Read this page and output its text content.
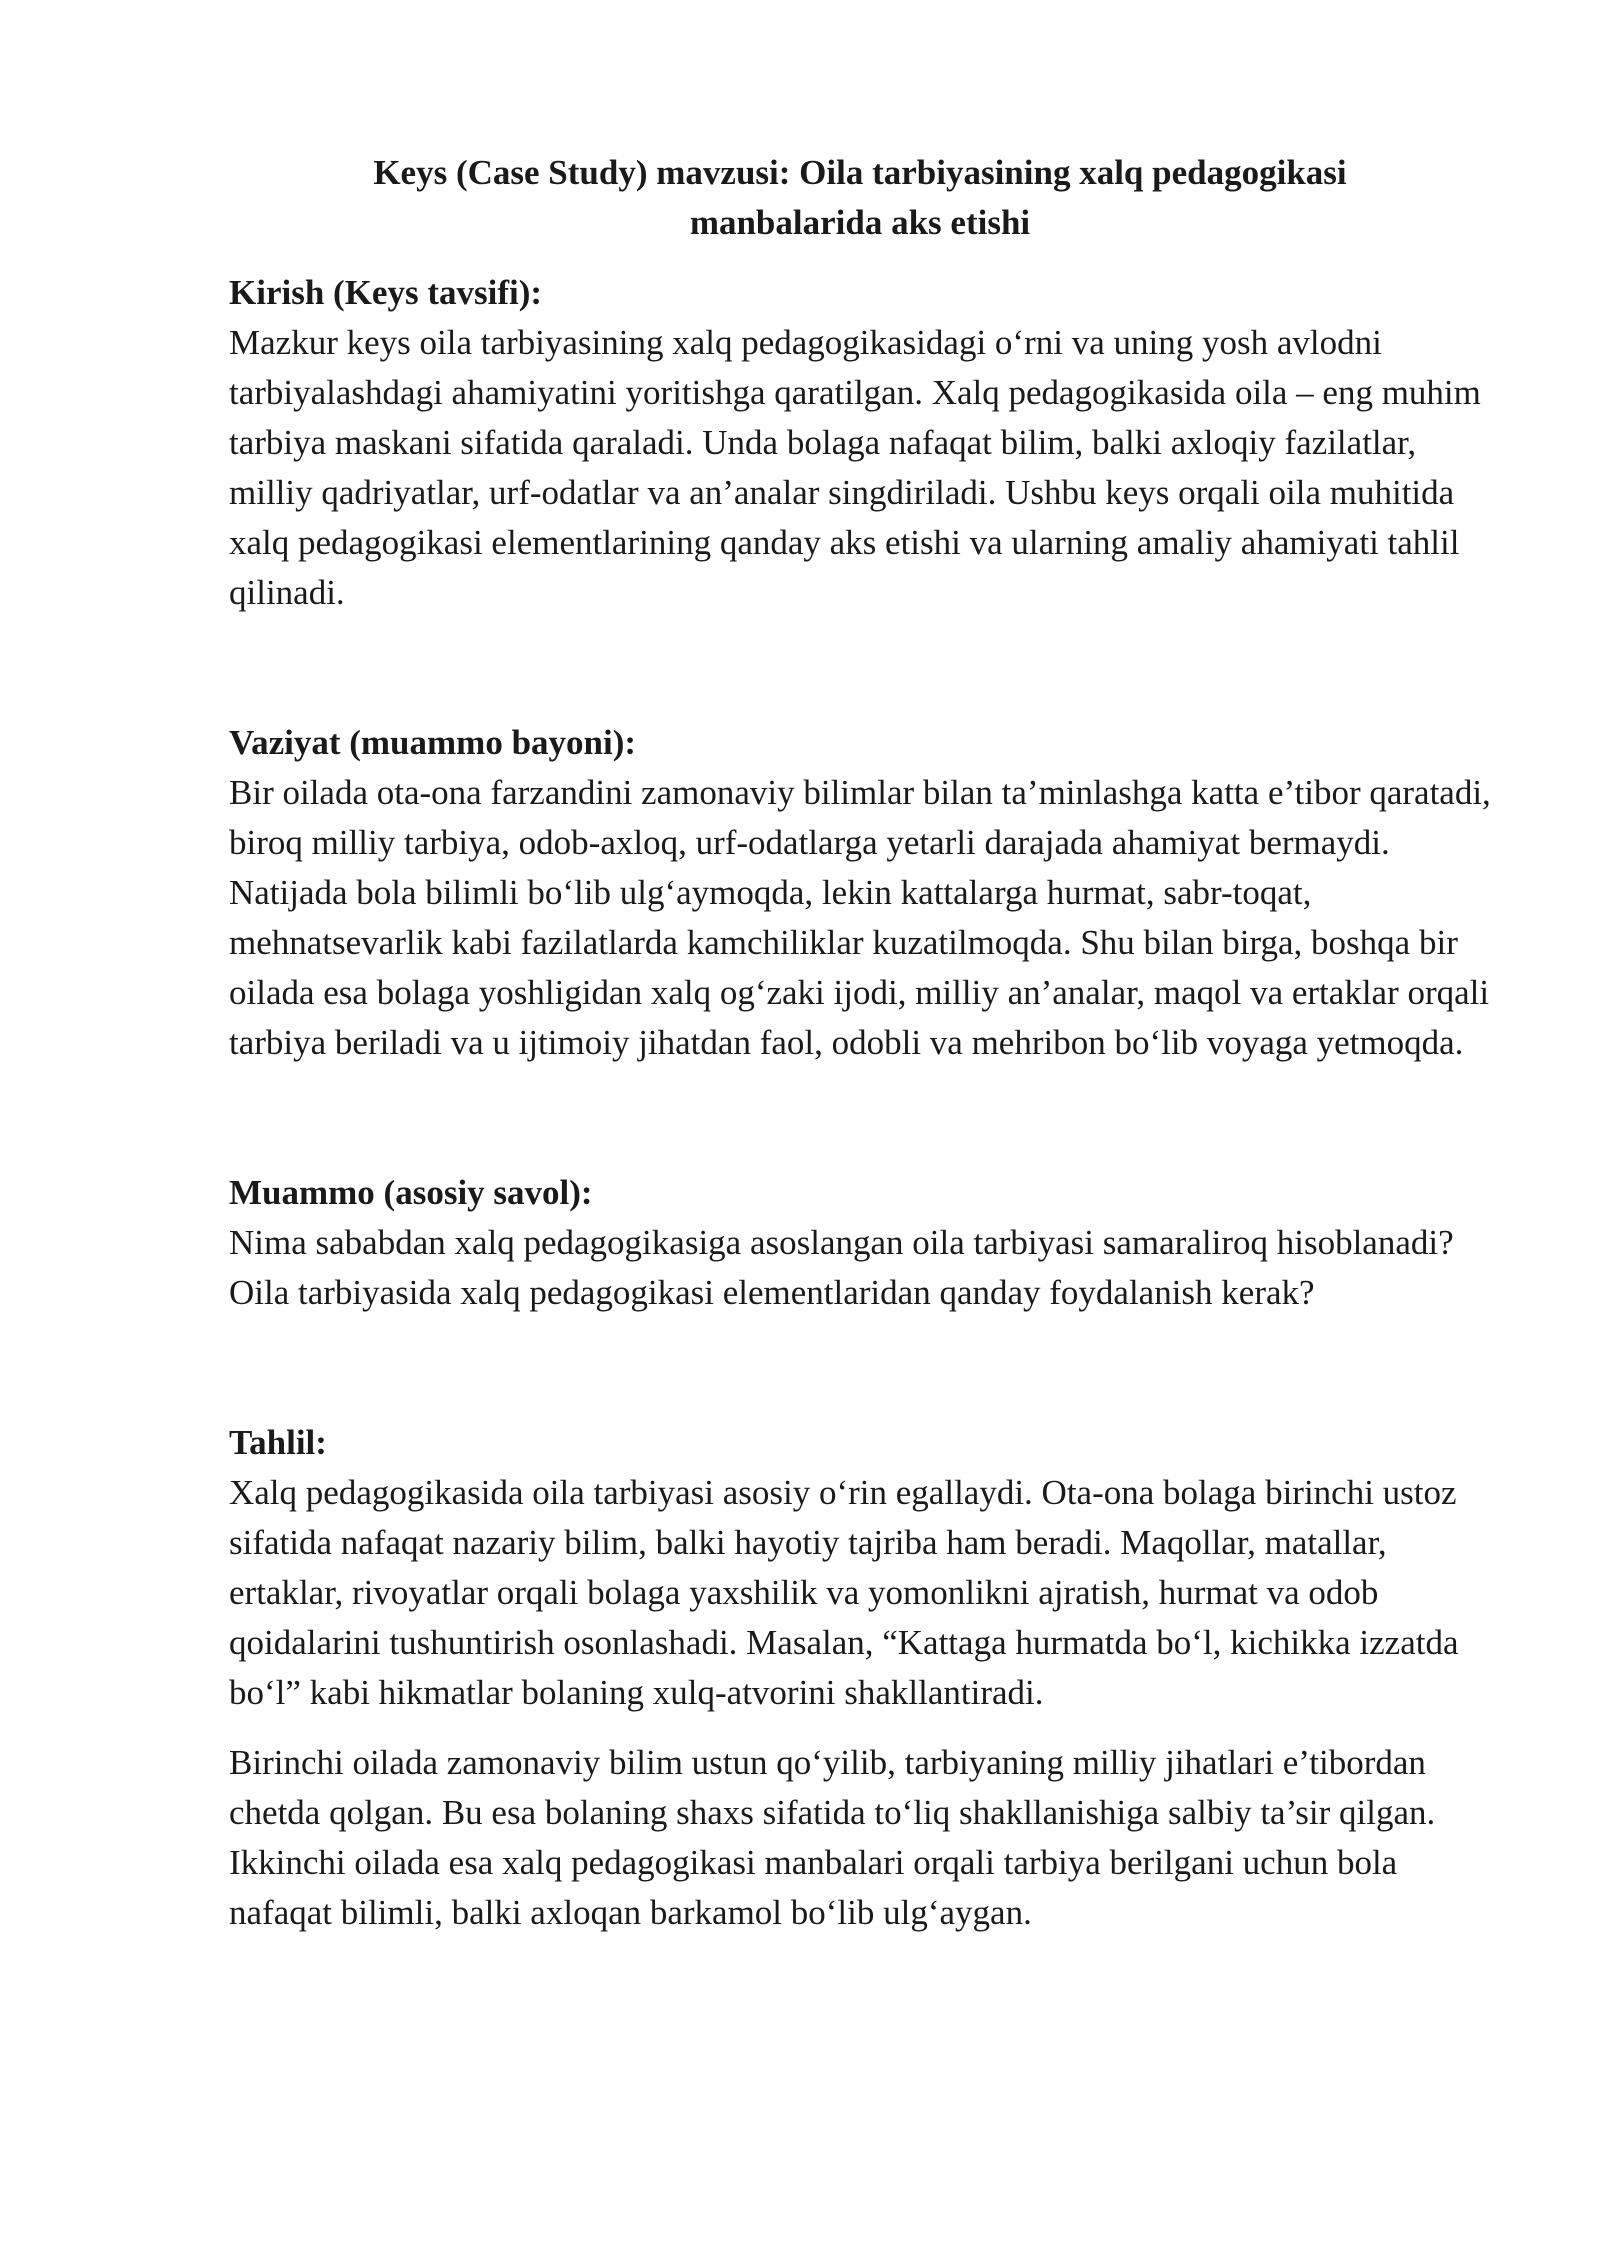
Keys (Case Study) mavzusi: Oila tarbiyasining xalq pedagogikasi
manbalarida aks etishi
Kirish (Keys tavsifi):

Mazkur keys oila tarbiyasining xalq pedagogikasidagi o‘rni va uning yosh avlodni tarbiyalashdagi ahamiyatini yoritishga qaratilgan. Xalq pedagogikasida oila – eng muhim tarbiya maskani sifatida qaraladi. Unda bolaga nafaqat bilim, balki axloqiy fazilatlar, milliy qadriyatlar, urf-odatlar va an’analar singdiriladi. Ushbu keys orqali oila muhitida xalq pedagogikasi elementlarining qanday aks etishi va ularning amaliy ahamiyati tahlil qilinadi.

Vaziyat (muammo bayoni):

Bir oilada ota-ona farzandini zamonaviy bilimlar bilan ta’minlashga katta e’tibor qaratadi, biroq milliy tarbiya, odob-axloq, urf-odatlarga yetarli darajada ahamiyat bermaydi. Natijada bola bilimli bo‘lib ulg‘aymoqda, lekin kattalarga hurmat, sabr-toqat, mehnatsevarlik kabi fazilatlarda kamchiliklar kuzatilmoqda. Shu bilan birga, boshqa bir oilada esa bolaga yoshligidan xalq og‘zaki ijodi, milliy an’analar, maqol va ertaklar orqali tarbiya beriladi va u ijtimoiy jihatdan faol, odobli va mehribon bo‘lib voyaga yetmoqda.

Muammo (asosiy savol):

Nima sababdan xalq pedagogikasiga asoslangan oila tarbiyasi samaraliroq hisoblanadi? Oila tarbiyasida xalq pedagogikasi elementlaridan qanday foydalanish kerak?

Tahlil:

Xalq pedagogikasida oila tarbiyasi asosiy o‘rin egallaydi. Ota-ona bolaga birinchi ustoz sifatida nafaqat nazariy bilim, balki hayotiy tajriba ham beradi. Maqollar, matallar, ertaklar, rivoyatlar orqali bolaga yaxshilik va yomonlikni ajratish, hurmat va odob qoidalarini tushuntirish osonlashadi. Masalan, “Kattaga hurmatda bo‘l, kichikka izzatda bo‘l” kabi hikmatlar bolaning xulq-atvorini shakllantiradi.

Birinchi oilada zamonaviy bilim ustun qo‘yilib, tarbiyaning milliy jihatlari e’tibordan chetda qolgan. Bu esa bolaning shaxs sifatida to‘liq shakllanishiga salbiy ta’sir qilgan. Ikkinchi oilada esa xalq pedagogikasi manbalari orqali tarbiya berilgani uchun bola nafaqat bilimli, balki axloqan barkamol bo‘lib ulg‘aygan.
